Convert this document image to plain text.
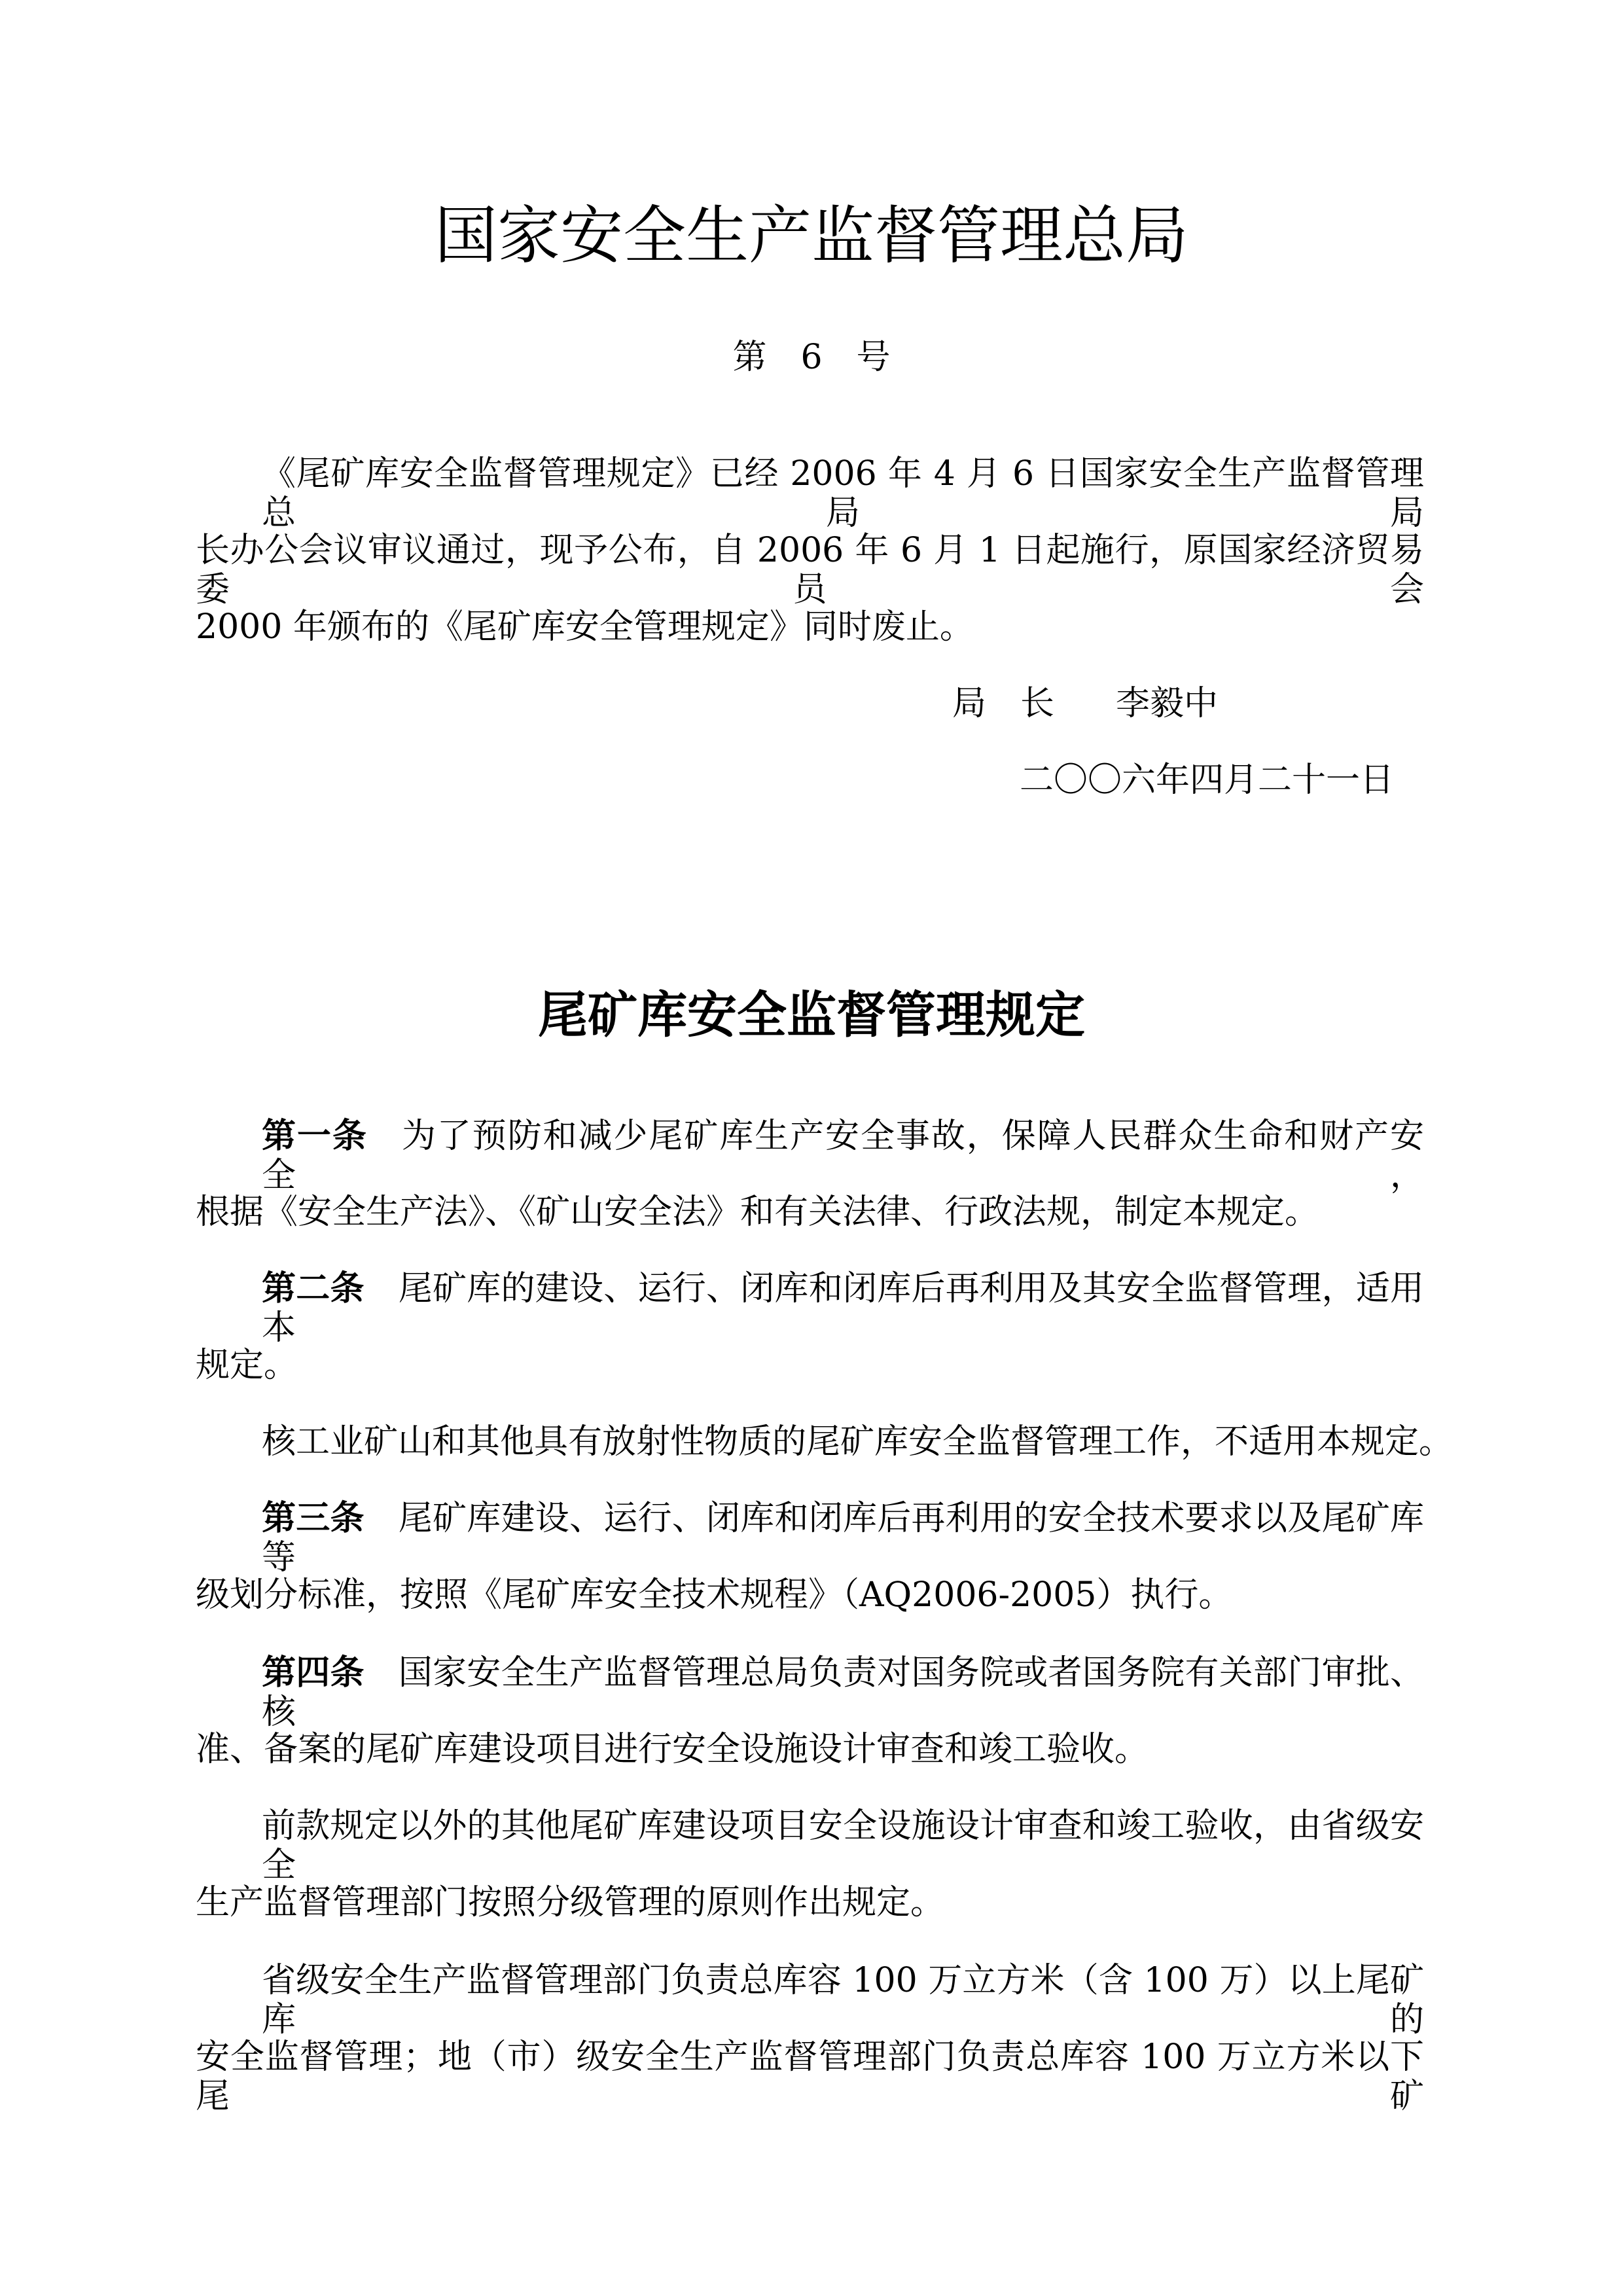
国家安全生产监督管理总局
第 6 号
《尾矿库安全监督管理规定》已经 2006 年 4 月 6 日国家安全生产监督管理总局局
长办公会议审议通过，现予公布，自 2006 年 6 月 1 日起施行，原国家经济贸易委员会
2000 年颁布的《尾矿库安全管理规定》同时废止。
局　长 李毅中
二〇〇六年四月二十一日
尾矿库安全监督管理规定
第一条 为了预防和减少尾矿库生产安全事故，保障人民群众生命和财产安全，
根据《安全生产法》、《矿山安全法》和有关法律、行政法规，制定本规定。
第二条 尾矿库的建设、运行、闭库和闭库后再利用及其安全监督管理，适用本
规定。
核工业矿山和其他具有放射性物质的尾矿库安全监督管理工作，不适用本规定。
第三条 尾矿库建设、运行、闭库和闭库后再利用的安全技术要求以及尾矿库等
级划分标准，按照《尾矿库安全技术规程》（AQ2006-2005）执行。
第四条 国家安全生产监督管理总局负责对国务院或者国务院有关部门审批、核
准、备案的尾矿库建设项目进行安全设施设计审查和竣工验收。
前款规定以外的其他尾矿库建设项目安全设施设计审查和竣工验收，由省级安全
生产监督管理部门按照分级管理的原则作出规定。
省级安全生产监督管理部门负责总库容 100 万立方米（含 100 万）以上尾矿库的
安全监督管理；地（市）级安全生产监督管理部门负责总库容 100 万立方米以下尾矿
